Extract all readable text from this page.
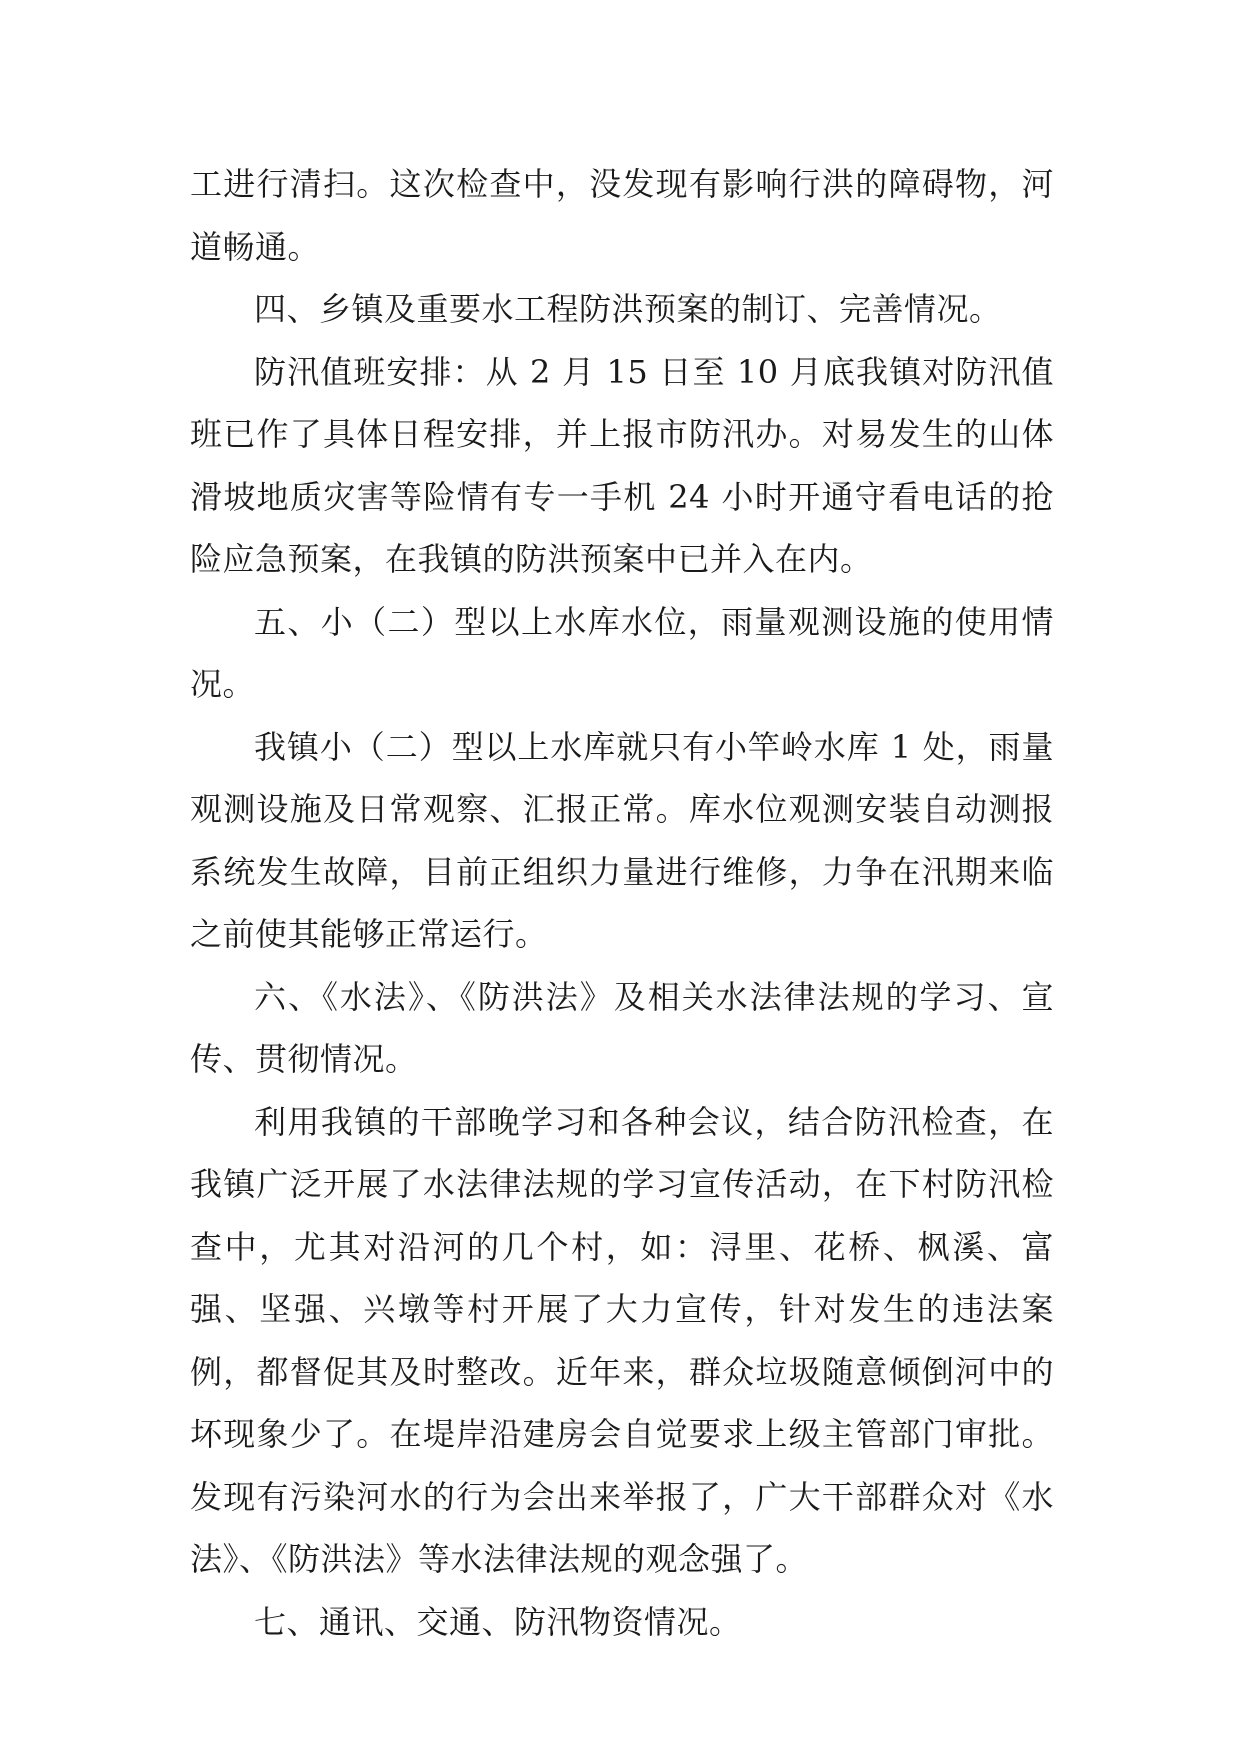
工进行清扫。这次检查中，没发现有影响行洪的障碍物，河道畅通。

四、乡镇及重要水工程防洪预案的制订、完善情况。

防汛值班安排：从 2 月 15 日至 10 月底我镇对防汛值班已作了具体日程安排，并上报市防汛办。对易发生的山体滑坡地质灾害等险情有专一手机 24 小时开通守看电话的抢险应急预案，在我镇的防洪预案中已并入在内。

五、小（二）型以上水库水位，雨量观测设施的使用情况。

我镇小（二）型以上水库就只有小竿岭水库 1 处，雨量观测设施及日常观察、汇报正常。库水位观测安装自动测报系统发生故障，目前正组织力量进行维修，力争在汛期来临之前使其能够正常运行。

六、《水法》、《防洪法》及相关水法律法规的学习、宣传、贯彻情况。

利用我镇的干部晚学习和各种会议，结合防汛检查，在我镇广泛开展了水法律法规的学习宣传活动，在下村防汛检查中，尤其对沿河的几个村，如：浔里、花桥、枫溪、富强、坚强、兴墩等村开展了大力宣传，针对发生的违法案例，都督促其及时整改。近年来，群众垃圾随意倾倒河中的坏现象少了。在堤岸沿建房会自觉要求上级主管部门审批。发现有污染河水的行为会出来举报了，广大干部群众对《水法》、《防洪法》等水法律法规的观念强了。

七、通讯、交通、防汛物资情况。
